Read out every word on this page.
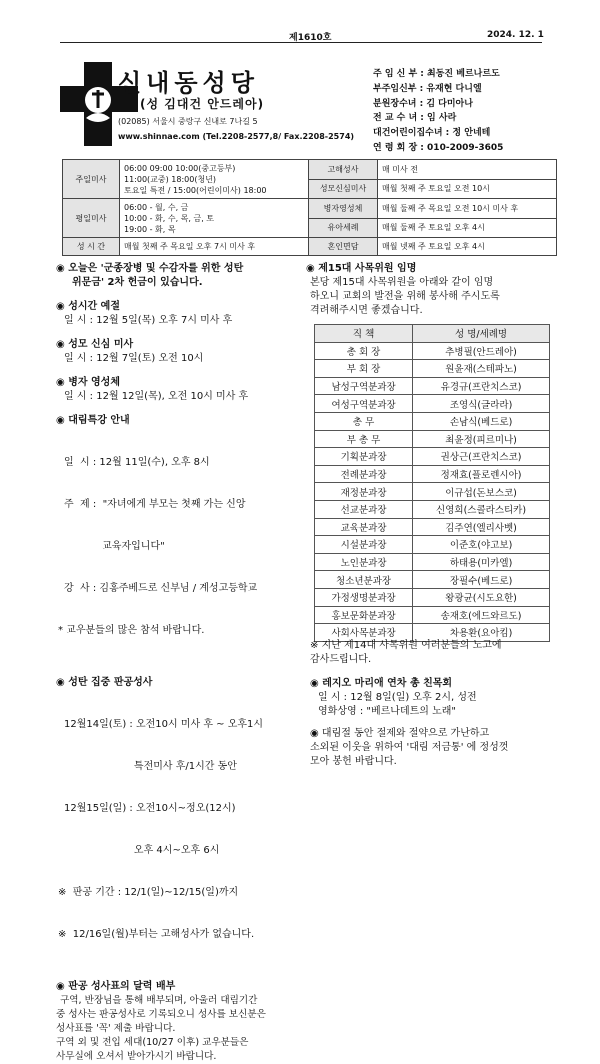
제1610호	2024. 12. 1
신내동성당
(성 김대건 안드레아)
(02085) 서울시 중랑구 신내로 7나길 5
www.shinnae.com (Tel.2208-2577,8/ Fax.2208-2574)
주 임 신 부 : 최동진 베르나르도
부주임신부 : 유재현 다니엘
분원장수녀 : 김 다미아나
전 교 수 녀 : 임 사라
대건어린이집수녀 : 정 안네테
연 령 회 장 : 010-2009-3605
주일미사	06:00 09:00 10:00(중고등부)
11:00(교중) 18:00(청년)
토요일 특전 / 15:00(어린이미사) 18:00	고해성사	매 미사 전
		성모신심미사	매월 첫째 주 토요일 오전 10시
평일미사	06:00 - 월, 수, 금
10:00 - 화, 수, 목, 금, 토
19:00 - 화, 목	병자영성체	매월 둘째 주 목요일 오전 10시 미사 후
		유아세례	매월 둘째 주 토요일 오후 4시
성 시 간	매월 첫째 주 목요일 오후 7시 미사 후	혼인면담	매월 넷째 주 토요일 오후 4시
◉ 오늘은 '군종장병 및 수감자를 위한 성탄
위문금' 2차 헌금이 있습니다.
◉ 성시간 예절
일 시 : 12월 5일(목) 오후 7시 미사 후
◉ 성모 신심 미사
일 시 : 12월 7일(토) 오전 10시
◉ 병자 영성체
일 시 : 12월 12일(목), 오전 10시 미사 후
◉ 대림특강 안내

일  시 : 12월 11일(수), 오후 8시

주  제 :  "자녀에게 부모는 첫째 가는 신앙

교육자입니다"

강  사 : 김홍주베드로 신부님 / 계성고등학교

* 교우분들의 많은 참석 바랍니다.

◉ 성탄 집중 판공성사

12월14일(토) : 오전10시 미사 후 ~ 오후1시

특전미사 후/1시간 동안

12월15일(일) : 오전10시~정오(12시)

오후 4시~오후 6시

※  판공 기간 : 12/1(일)~12/15(일)까지

※  12/16일(월)부터는 고해성사가 없습니다.

◉ 판공 성사표의 달력 배부
구역, 반장님을 통해 배부되며, 아울러 대림기간
중 성사는 판공성사로 기록되오니 성사를 보신분은
성사표를 '꼭' 제출 바랍니다.
구역 외 및 전입 세대(10/27 이후) 교우분들은
사무실에 오셔서 받아가시기 바랍니다.
◉ 제15대 사목위원 임명
본당 제15대 사목위원을 아래와 같이 임명
하오니 교회의 발전을 위해 봉사해 주시도록
격려해주시면 좋겠습니다.
직 책	성 명/세례명
총 회 장	추병필(안드레아)
부 회 장	원윤재(스테파노)
남성구역분과장	유경규(프란치스코)
여성구역분과장	조영식(글라라)
총 무	손남식(베드로)
부 총 무	최윤정(피르미나)
기획분과장	권상근(프란치스코)
전례분과장	정재효(플로렌시아)
재정분과장	이규섭(돈보스코)
선교분과장	신영희(스콜라스티카)
교육분과장	김주연(엘리사벳)
시설분과장	이준호(야고보)
노인분과장	하태용(미카엘)
청소년분과장	장필수(베드로)
가정생명분과장	왕광균(시도요한)
홍보문화분과장	송재호(에드와르도)
사회사목분과장	차용환(요아킴)
※ 지난 제14대 사목위원 여러분들의 노고에
감사드립니다.
◉ 레지오 마리애 연차 총 친목회
일 시 : 12월 8일(일) 오후 2시, 성전
영화상영 : "베르나데트의 노래"
◉ 대림절 동안 절제와 절약으로 가난하고
소외된 이웃을 위하여 '대림 저금통' 에 정성껏
모아 봉헌 바랍니다.
